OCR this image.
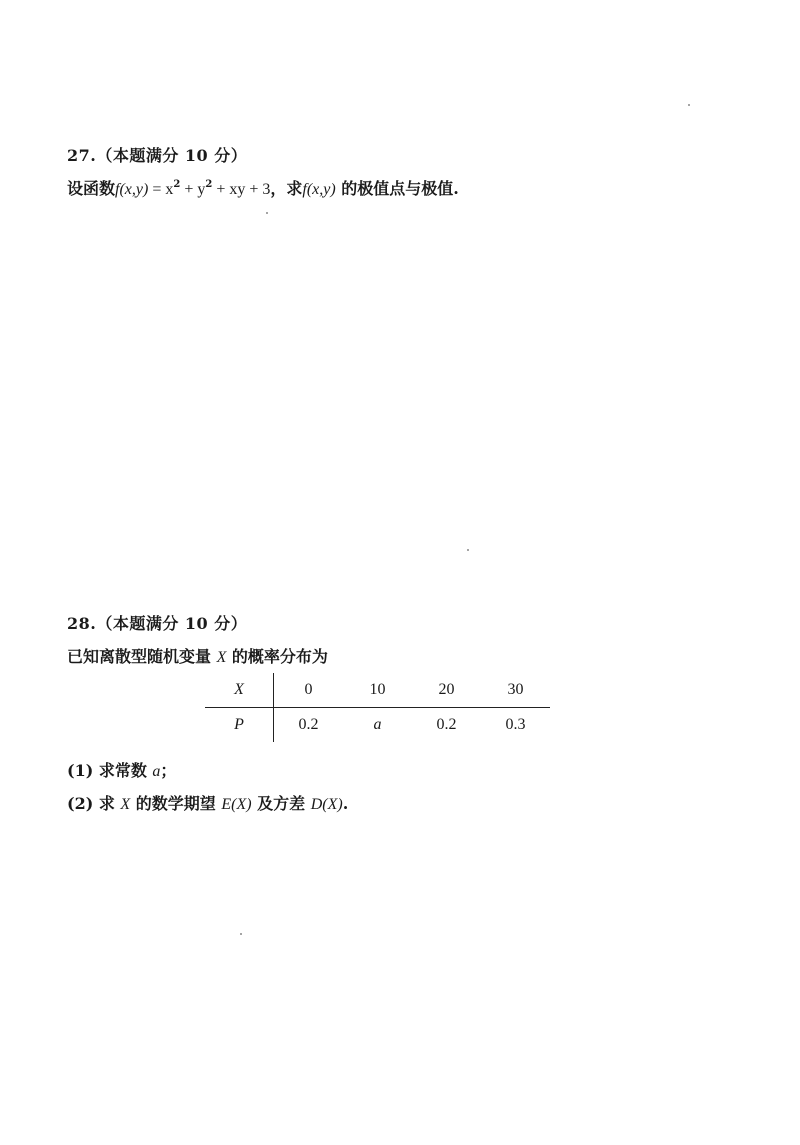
27.（本题满分 10 分）
设函数$f(x,y) = x^2 + y^2$ + xy + 3，求f(x,y) 的极值点与极值.
28.（本题满分 10 分）
已知离散型随机变量 X 的概率分布为
X	0	10	20	30
P	0.2	a	0.2	0.3
(1) 求常数 a；
(2) 求 X 的数学期望 E(X) 及方差 D(X).
